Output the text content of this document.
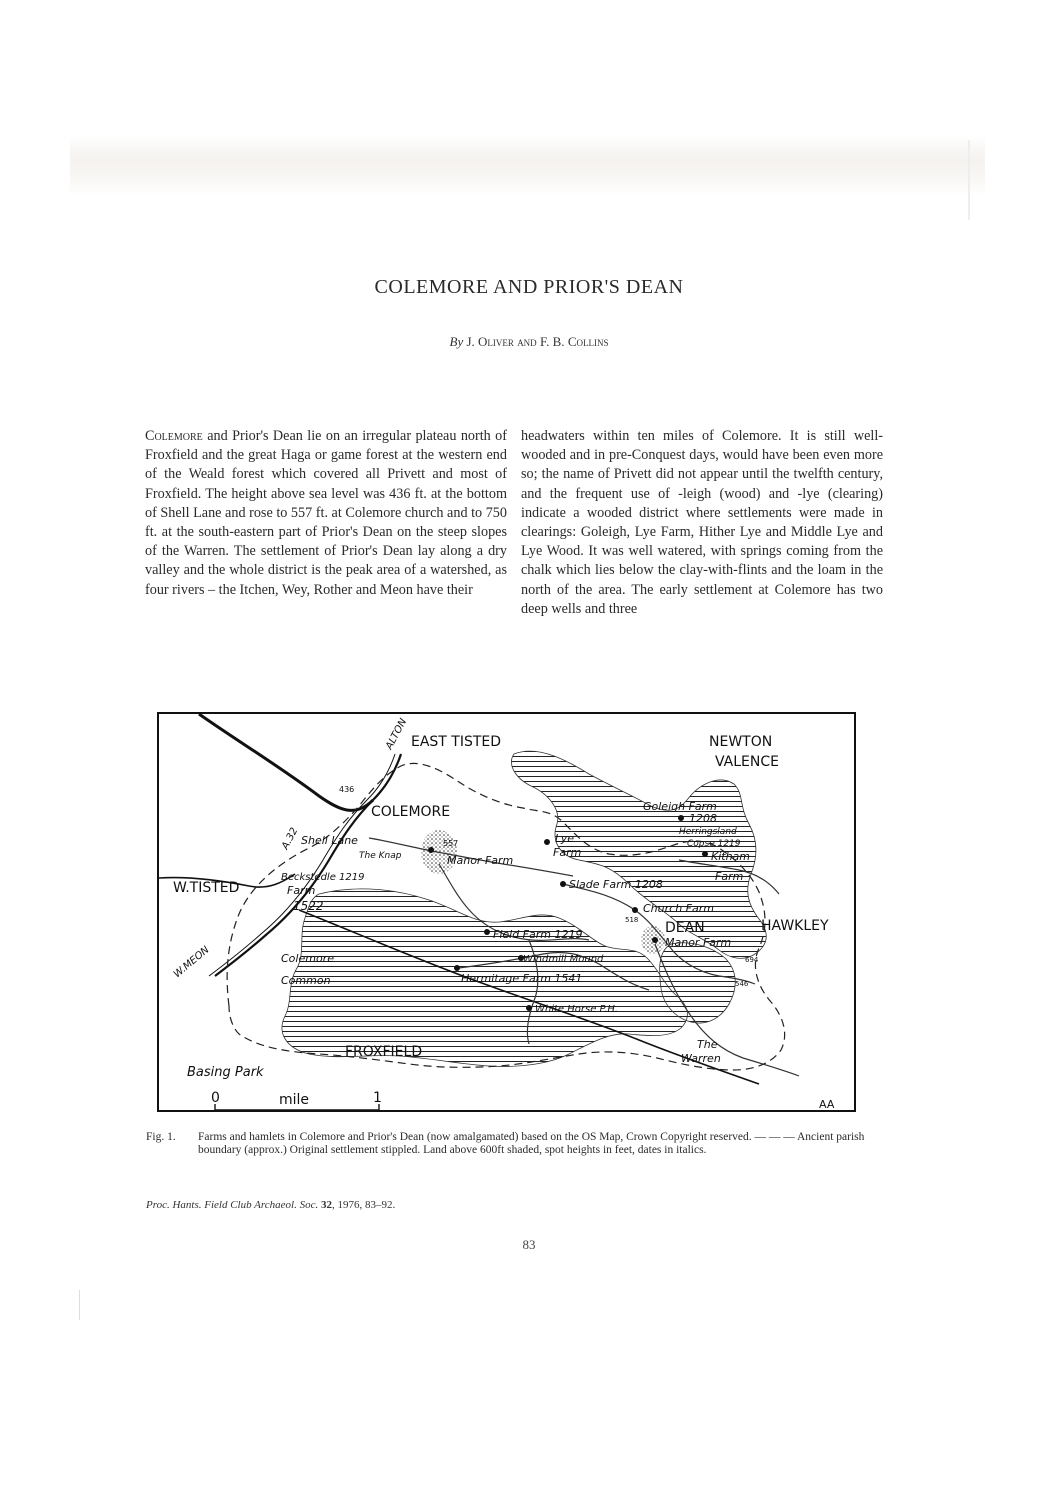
COLEMORE AND PRIOR'S DEAN
By J. Oliver and F. B. Collins
Colemore and Prior's Dean lie on an irregular plateau north of Froxfield and the great Haga or game forest at the western end of the Weald forest which covered all Privett and most of Froxfield. The height above sea level was 436 ft. at the bottom of Shell Lane and rose to 557 ft. at Colemore church and to 750 ft. at the south-eastern part of Prior's Dean on the steep slopes of the Warren. The settlement of Prior's Dean lay along a dry valley and the whole district is the peak area of a watershed, as four rivers – the Itchen, Wey, Rother and Meon have their
headwaters within ten miles of Colemore. It is still well-wooded and in pre-Conquest days, would have been even more so; the name of Privett did not appear until the twelfth century, and the frequent use of -leigh (wood) and -lye (clearing) indicate a wooded district where settlements were made in clearings: Goleigh, Lye Farm, Hither Lye and Middle Lye and Lye Wood. It was well watered, with springs coming from the chalk which lies below the clay-with-flints and the loam in the north of the area. The early settlement at Colemore has two deep wells and three
EAST TISTED	NEWTON
VALENCE
ALTON
436
COLEMORE
A.32 Shell Lane
The Knap
557
Manor Farm
Lye
Farm
Goleigh Farm
1208
Herringsland
Copse 1219
Kitham
Farm
Beckstedle 1219
Farm
1522
W.TISTED	Slade Farm 1208
Church Farm
518 DEAN	HAWKLEY
Manor Farm
694
546
Field Farm 1219
W.MEON	Colemore
Common
Windmill Mound
Hermitage Farm 1541
White Horse P.H.
FROXFIELD	The
Warren
Basing Park
0	mile	1	AA
Fig. 1. Farms and hamlets in Colemore and Prior's Dean (now amalgamated) based on the OS Map, Crown Copyright reserved. — — — Ancient parish boundary (approx.) Original settlement stippled. Land above 600ft shaded, spot heights in feet, dates in italics.
Proc. Hants. Field Club Archaeol. Soc. 32, 1976, 83–92.
83
